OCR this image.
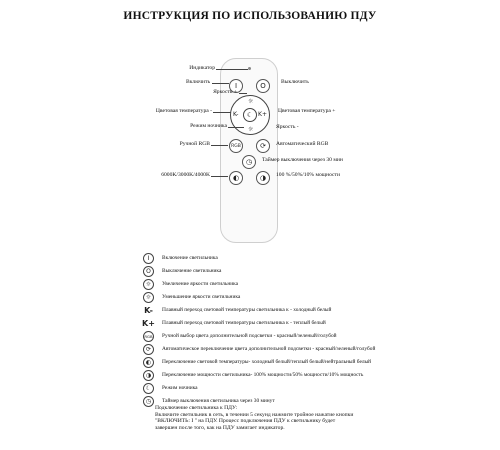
ИНСТРУКЦИЯ ПО ИСПОЛЬЗОВАНИЮ ПДУ
I	O
K-	K+
☼
☼
☾
RGB	⟳
◷
◐	◑
Индикатор
Включить	Выключить
Яркость +
Цветовая температура -	Цветовая температура +
Режим ночника	Яркость -
Ручной RGB	Автоматический RGB
Таймер выключения через 30 мин
6000K/3000K/4000K	100 %/50%/10% мощности
I	Включение светильника
O	Выключение светильника
☼	Увеличение яркости светильника
☼	Уменьшение яркости светильника
K- Плавный переход световой температуры светильника к - холодный белый
K+ Плавный переход световой температуры светильника к - теплый белый
RGB Ручной выбор цвета дополнительной подсветки - красный/зеленый/голубой
⟳	Автоматическое переключение цвета дополнительной подсветки - красный/зеленый/голубой
◐	Переключение световой температуры- холодный белый/теплый белый/нейтральный белый
◑	Переключение мощности светильника- 100% мощности/50% мощности/10% мощность
☾	Режим ночника
◷	Таймер выключения светильника через 30 минут
Подключение светильника к ПДУ:
Включите светильник в сеть, в течении 5 секунд нажмите тройное нажатие кнопки
"ВКЛЮЧИТЬ: I " на ПДУ. Процесс подключения ПДУ к светильнику будет
завершен после того, как на ПДУ замигает индикатор.
